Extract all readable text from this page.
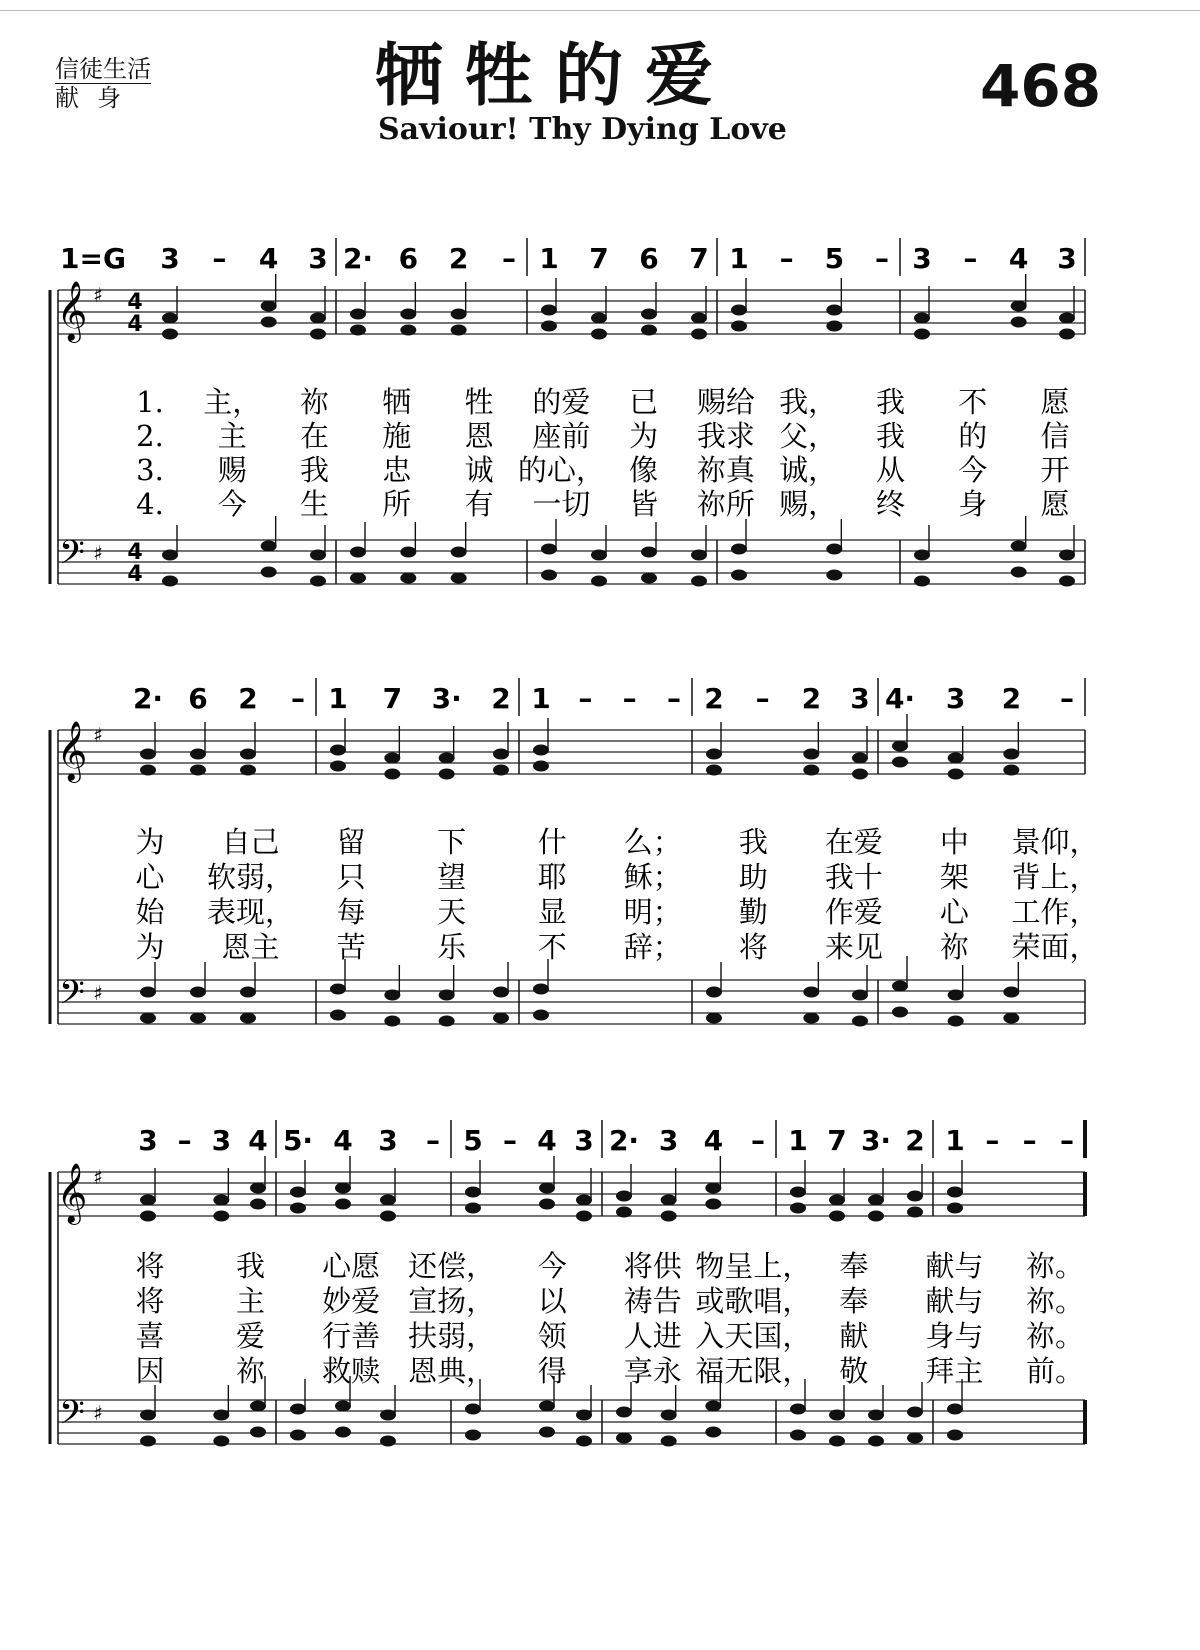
信徒生活
献身	牺牲的爱
Saviour! Thy Dying Love
468
𝄞
𝄢
♯
♯
4
4
4
4
1=G 3 – 4 3 2· 6 2 – 1 7 6 7 1 – 5 – 3 – 4 3
1. 主， 祢 牺 牲 的爱 已 赐给 我， 我 不 愿
2. 主 在 施 恩 座前 为 我求 父， 我 的 信
3. 赐 我 忠 诚 的心， 像 祢真 诚， 从 今 开
4. 今 生 所 有 一切 皆 祢所 赐， 终 身 愿
𝄞
𝄢
♯
♯
2· 6 2 – 1 7 3· 2 1 – – – 2 – 2 3 4· 3 2 –
为 自己 留 下 什 么； 我 在爱 中 景仰，
心 软弱， 只 望 耶 稣； 助 我十 架 背上，
始 表现， 每 天 显 明； 勤 作爱 心 工作，
为 恩主 苦 乐 不 辞； 将 来见 祢 荣面，
𝄞
𝄢
♯
♯
3 – 3 4 5· 4 3 – 5 – 4 3 2· 3 4 – 1 7 3· 2 1 – – –
将 我 心愿 还偿， 今 将供 物呈上， 奉 献与 祢。
将 主 妙爱 宣扬， 以 祷告 或歌唱， 奉 献与 祢。
喜 爱 行善 扶弱， 领 人进 入天国， 献 身与 祢。
因 祢 救赎 恩典， 得 享永 福无限， 敬 拜主 前。
